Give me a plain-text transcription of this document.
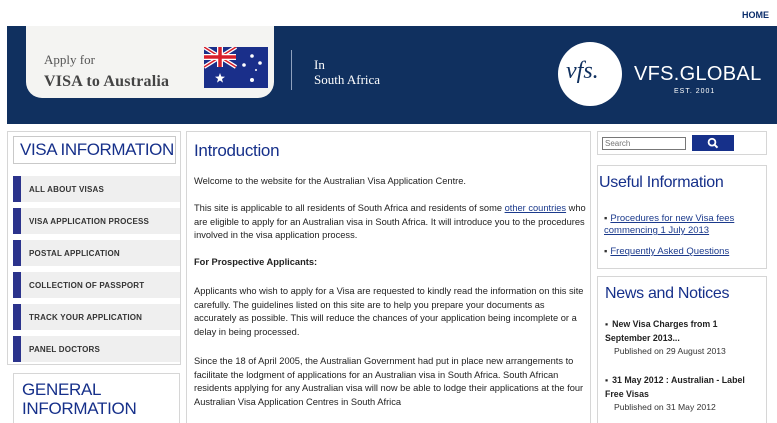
HOME
Apply for
VISA to Australia
In
South Africa	vfs. VFS.GLOBAL
EST. 2001
VISA INFORMATION
ALL ABOUT VISAS
VISA APPLICATION PROCESS
POSTAL APPLICATION
COLLECTION OF PASSPORT
TRACK YOUR APPLICATION
PANEL DOCTORS
GENERAL
INFORMATION
Introduction
Welcome to the website for the Australian Visa Application Centre.
This site is applicable to all residents of South Africa and residents of some other countries who are eligible to apply for an Australian visa in South Africa. It will introduce you to the procedures involved in the visa application process.
For Prospective Applicants:
Applicants who wish to apply for a Visa are requested to kindly read the information on this site carefully. The guidelines listed on this site are to help you prepare your documents as accurately as possible. This will reduce the chances of your application being incomplete or a delay in being processed.
Since the 18 of April 2005, the Australian Government had put in place new arrangements to facilitate the lodgment of applications for an Australian visa in South Africa. South African residents applying for any Australian visa will now be able to lodge their applications at the four Australian Visa Application Centres in South Africa
Search
Useful Information
▪ Procedures for new Visa fees commencing 1 July 2013
▪ Frequently Asked Questions
News and Notices
▪ New Visa Charges from 1 September 2013...
Published on 29 August 2013
▪ 31 May 2012 : Australian - Label Free Visas
Published on 31 May 2012
